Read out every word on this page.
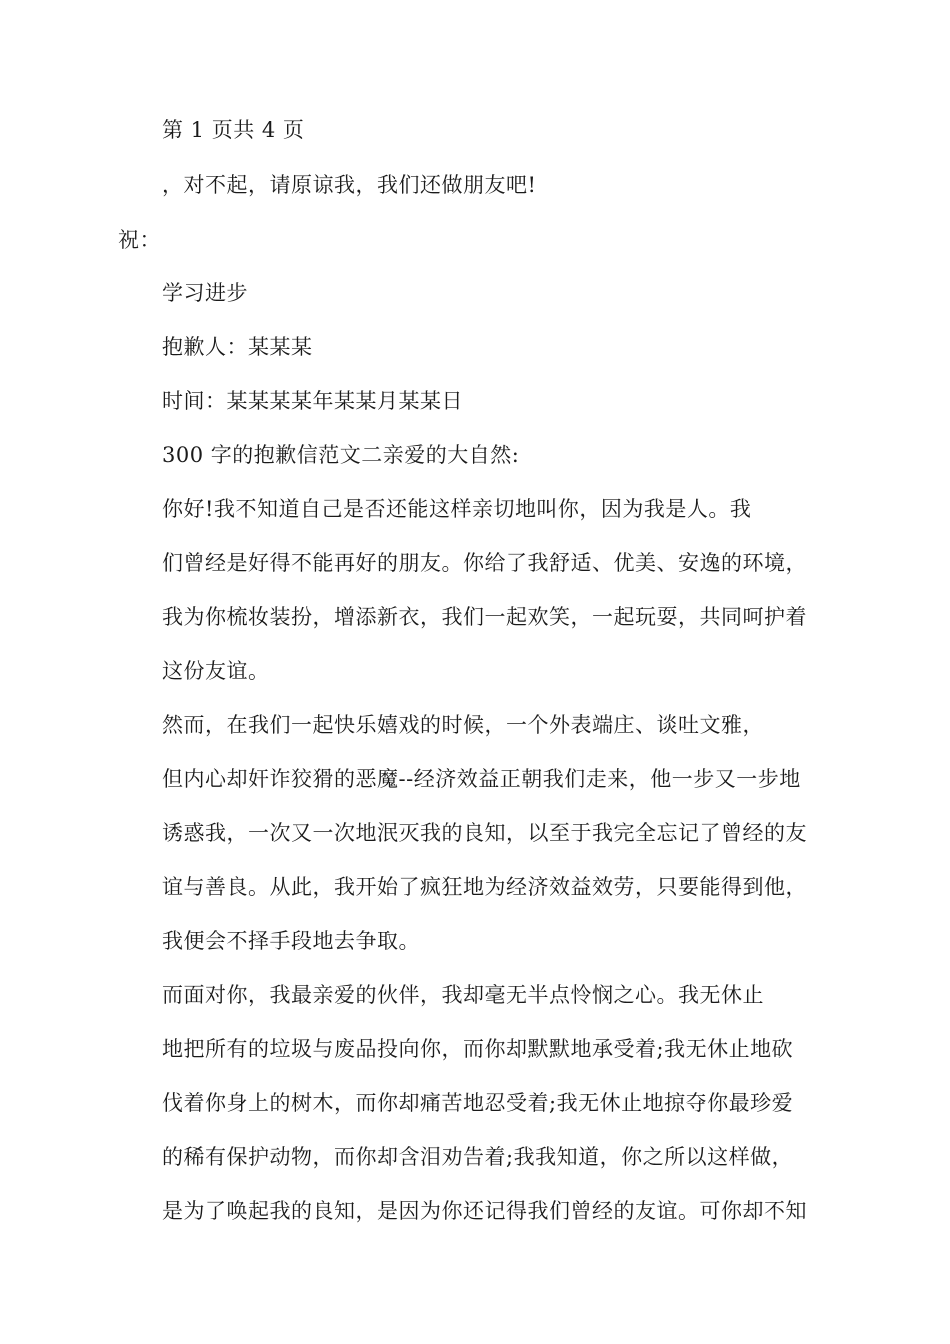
第 1 页共 4 页
，对不起，请原谅我，我们还做朋友吧!
祝：
学习进步
抱歉人：某某某
时间：某某某某年某某月某某日
300 字的抱歉信范文二亲爱的大自然:
你好!我不知道自己是否还能这样亲切地叫你，因为我是人。我
们曾经是好得不能再好的朋友。你给了我舒适、优美、安逸的环境，
我为你梳妆装扮，增添新衣，我们一起欢笑，一起玩耍，共同呵护着
这份友谊。
然而，在我们一起快乐嬉戏的时候，一个外表端庄、谈吐文雅，
但内心却奸诈狡猾的恶魔--经济效益正朝我们走来，他一步又一步地
诱惑我，一次又一次地泯灭我的良知，以至于我完全忘记了曾经的友
谊与善良。从此，我开始了疯狂地为经济效益效劳，只要能得到他，
我便会不择手段地去争取。
而面对你，我最亲爱的伙伴，我却毫无半点怜悯之心。我无休止
地把所有的垃圾与废品投向你，而你却默默地承受着;我无休止地砍
伐着你身上的树木，而你却痛苦地忍受着;我无休止地掠夺你最珍爱
的稀有保护动物，而你却含泪劝告着;我我知道，你之所以这样做，
是为了唤起我的良知，是因为你还记得我们曾经的友谊。可你却不知
